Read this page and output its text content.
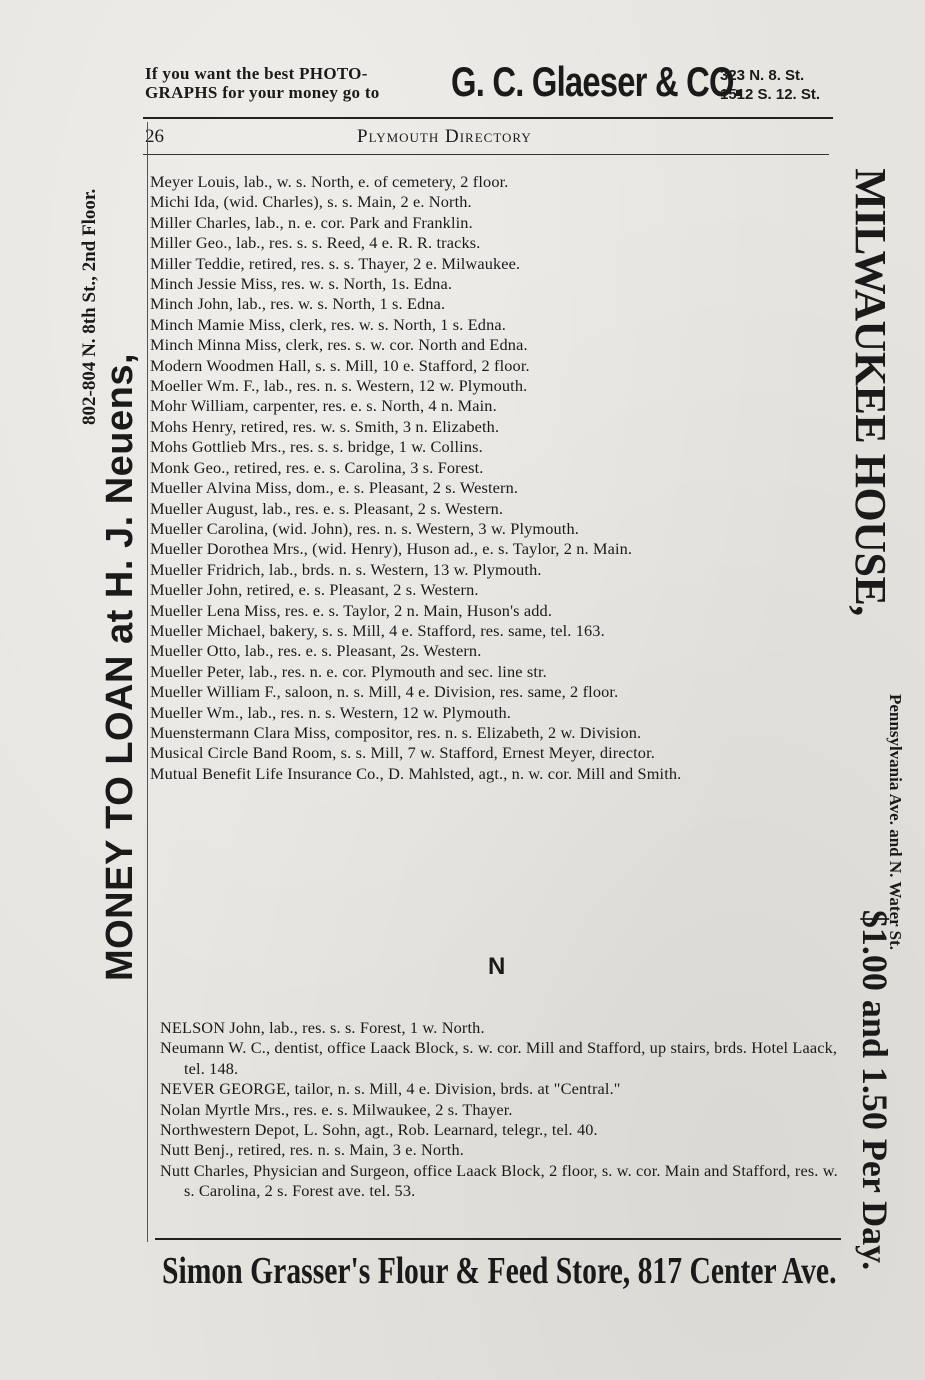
If you want the best PHOTO-
GRAPHS for your money go to	G. C. Glaeser & CO.
323 N. 8. St.
1512 S. 12. St.
26	Plymouth Directory
802-804 N. 8th St., 2nd Floor.
MONEY TO LOAN at H. J. Neuens,	MILWAUKEE HOUSE,
Pennsylvania Ave. and N. Water St.
$1.00 and 1.50 Per Day.
Meyer Louis, lab., w. s. North, e. of cemetery, 2 floor.
Michi Ida, (wid. Charles), s. s. Main, 2 e. North.
Miller Charles, lab., n. e. cor. Park and Franklin.
Miller Geo., lab., res. s. s. Reed, 4 e. R. R. tracks.
Miller Teddie, retired, res. s. s. Thayer, 2 e. Milwaukee.
Minch Jessie Miss, res. w. s. North, 1s. Edna.
Minch John, lab., res. w. s. North, 1 s. Edna.
Minch Mamie Miss, clerk, res. w. s. North, 1 s. Edna.
Minch Minna Miss, clerk, res. s. w. cor. North and Edna.
Modern Woodmen Hall, s. s. Mill, 10 e. Stafford, 2 floor.
Moeller Wm. F., lab., res. n. s. Western, 12 w. Plymouth.
Mohr William, carpenter, res. e. s. North, 4 n. Main.
Mohs Henry, retired, res. w. s. Smith, 3 n. Elizabeth.
Mohs Gottlieb Mrs., res. s. s. bridge, 1 w. Collins.
Monk Geo., retired, res. e. s. Carolina, 3 s. Forest.
Mueller Alvina Miss, dom., e. s. Pleasant, 2 s. Western.
Mueller August, lab., res. e. s. Pleasant, 2 s. Western.
Mueller Carolina, (wid. John), res. n. s. Western, 3 w. Plymouth.
Mueller Dorothea Mrs., (wid. Henry), Huson ad., e. s. Taylor, 2 n. Main.
Mueller Fridrich, lab., brds. n. s. Western, 13 w. Plymouth.
Mueller John, retired, e. s. Pleasant, 2 s. Western.
Mueller Lena Miss, res. e. s. Taylor, 2 n. Main, Huson's add.
Mueller Michael, bakery, s. s. Mill, 4 e. Stafford, res. same, tel. 163.
Mueller Otto, lab., res. e. s. Pleasant, 2s. Western.
Mueller Peter, lab., res. n. e. cor. Plymouth and sec. line str.
Mueller William F., saloon, n. s. Mill, 4 e. Division, res. same, 2 floor.
Mueller Wm., lab., res. n. s. Western, 12 w. Plymouth.
Muenstermann Clara Miss, compositor, res. n. s. Elizabeth, 2 w. Division.
Musical Circle Band Room, s. s. Mill, 7 w. Stafford, Ernest Meyer, director.
Mutual Benefit Life Insurance Co., D. Mahlsted, agt., n. w. cor. Mill and Smith.
N
NELSON John, lab., res. s. s. Forest, 1 w. North.
Neumann W. C., dentist, office Laack Block, s. w. cor. Mill and Stafford, up stairs, brds. Hotel Laack, tel. 148.
NEVER GEORGE, tailor, n. s. Mill, 4 e. Division, brds. at "Central."
Nolan Myrtle Mrs., res. e. s. Milwaukee, 2 s. Thayer.
Northwestern Depot, L. Sohn, agt., Rob. Learnard, telegr., tel. 40.
Nutt Benj., retired, res. n. s. Main, 3 e. North.
Nutt Charles, Physician and Surgeon, office Laack Block, 2 floor, s. w. cor. Main and Stafford, res. w. s. Carolina, 2 s. Forest ave. tel. 53.
Simon Grasser's Flour & Feed Store, 817 Center Ave.
